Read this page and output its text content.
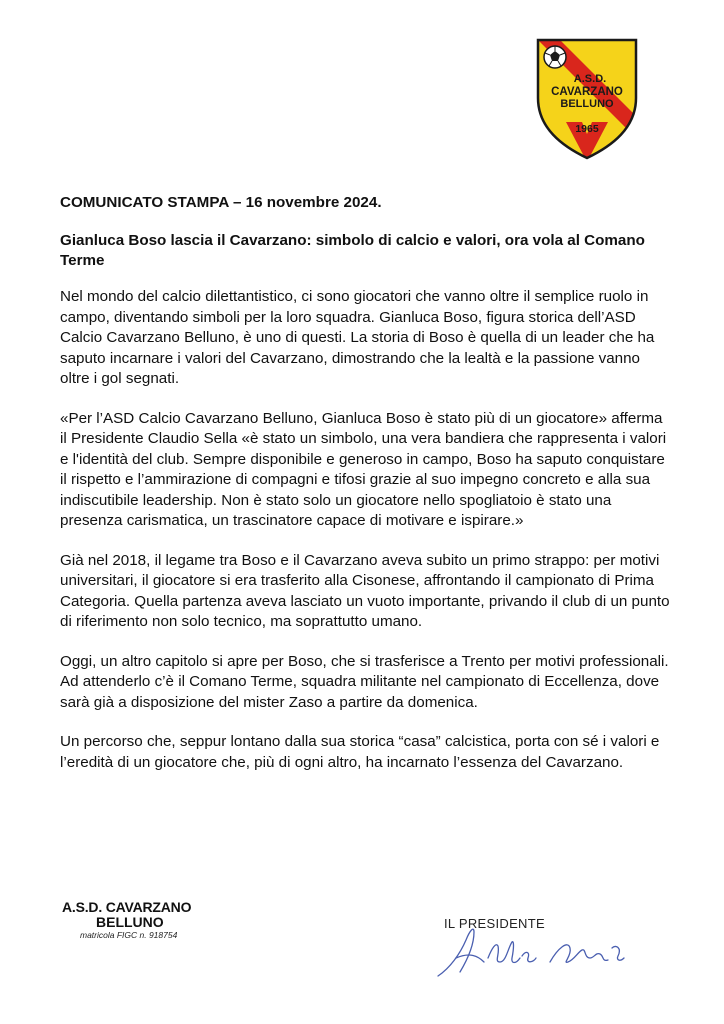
A.S.D.
CAVARZANO
BELLUNO
1965
COMUNICATO STAMPA – 16 novembre 2024.
Gianluca Boso lascia il Cavarzano: simbolo di calcio e valori, ora vola al Comano Terme

Nel mondo del calcio dilettantistico, ci sono giocatori che vanno oltre il semplice ruolo in campo, diventando simboli per la loro squadra. Gianluca Boso, figura storica dell’ASD Calcio Cavarzano Belluno, è uno di questi. La storia di Boso è quella di un leader che ha saputo incarnare i valori del Cavarzano, dimostrando che la lealtà e la passione vanno oltre i gol segnati.

«Per l’ASD Calcio Cavarzano Belluno, Gianluca Boso è stato più di un giocatore» afferma il Presidente Claudio Sella «è stato un simbolo, una vera bandiera che rappresenta i valori e l'identità del club. Sempre disponibile e generoso in campo, Boso ha saputo conquistare il rispetto e l’ammirazione di compagni e tifosi grazie al suo impegno concreto e alla sua indiscutibile leadership. Non è stato solo un giocatore nello spogliatoio è stato una presenza carismatica, un trascinatore capace di motivare e ispirare.»

Già nel 2018, il legame tra Boso e il Cavarzano aveva subito un primo strappo: per motivi universitari, il giocatore si era trasferito alla Cisonese, affrontando il campionato di Prima Categoria. Quella partenza aveva lasciato un vuoto importante, privando il club di un punto di riferimento non solo tecnico, ma soprattutto umano.

Oggi, un altro capitolo si apre per Boso, che si trasferisce a Trento per motivi professionali. Ad attenderlo c’è il Comano Terme, squadra militante nel campionato di Eccellenza, dove sarà già a disposizione del mister Zaso a partire da domenica.

Un percorso che, seppur lontano dalla sua storica “casa” calcistica, porta con sé i valori e l’eredità di un giocatore che, più di ogni altro, ha incarnato l’essenza del Cavarzano.

A.S.D. CAVARZANO
BELLUNO
matricola FIGC n. 918754
IL PRESIDENTE
